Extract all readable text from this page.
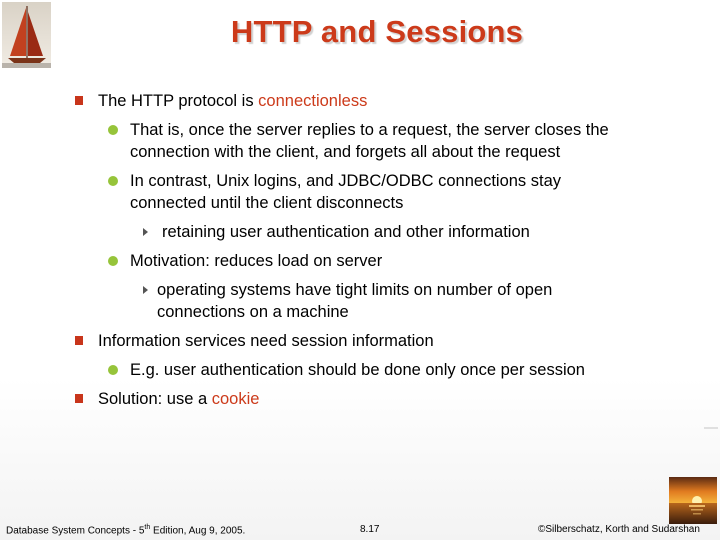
HTTP and Sessions
The HTTP protocol is connectionless
That is, once the server replies to a request, the server closes the
connection with the client, and forgets all about the request
In contrast, Unix logins, and JDBC/ODBC connections stay
connected until the client disconnects
retaining user authentication and other information
Motivation: reduces load on server
operating systems have tight limits on number of open
connections on a machine
Information services need session information
E.g. user authentication should be done only once per session
Solution: use a cookie
Database System Concepts - 5th Edition, Aug 9, 2005.	8.17	©Silberschatz, Korth and Sudarshan
